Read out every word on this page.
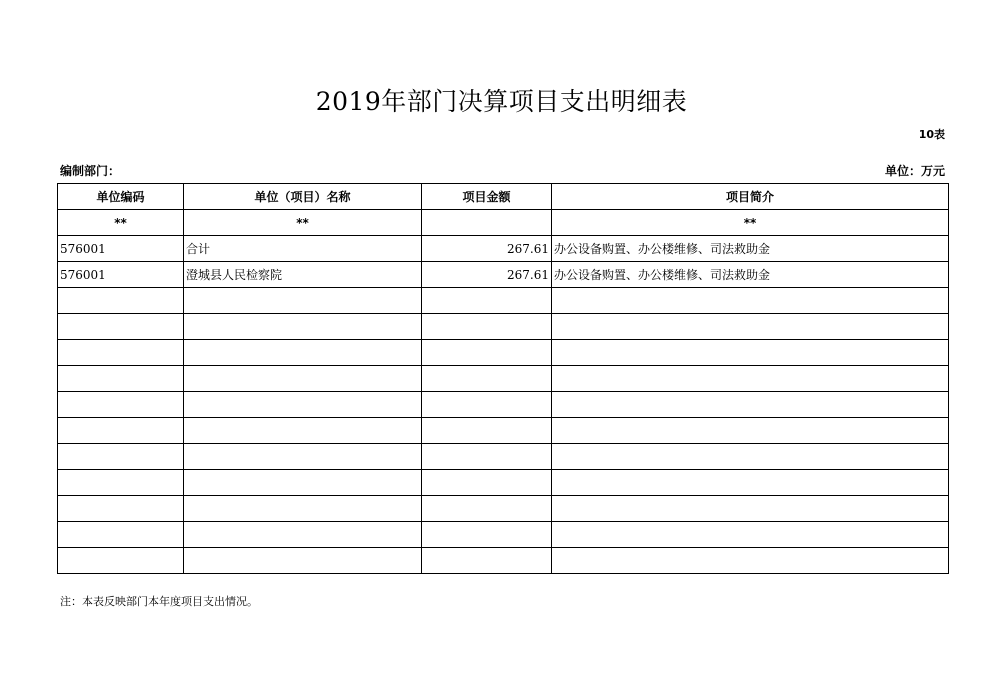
2019年部门决算项目支出明细表
10表
编制部门：	单位：万元
单位编码	单位（项目）名称	项目金额	项目简介
**	**		**
576001	合计	267.61	办公设备购置、办公楼维修、司法救助金
576001	澄城县人民检察院	267.61	办公设备购置、办公楼维修、司法救助金

注：本表反映部门本年度项目支出情况。
